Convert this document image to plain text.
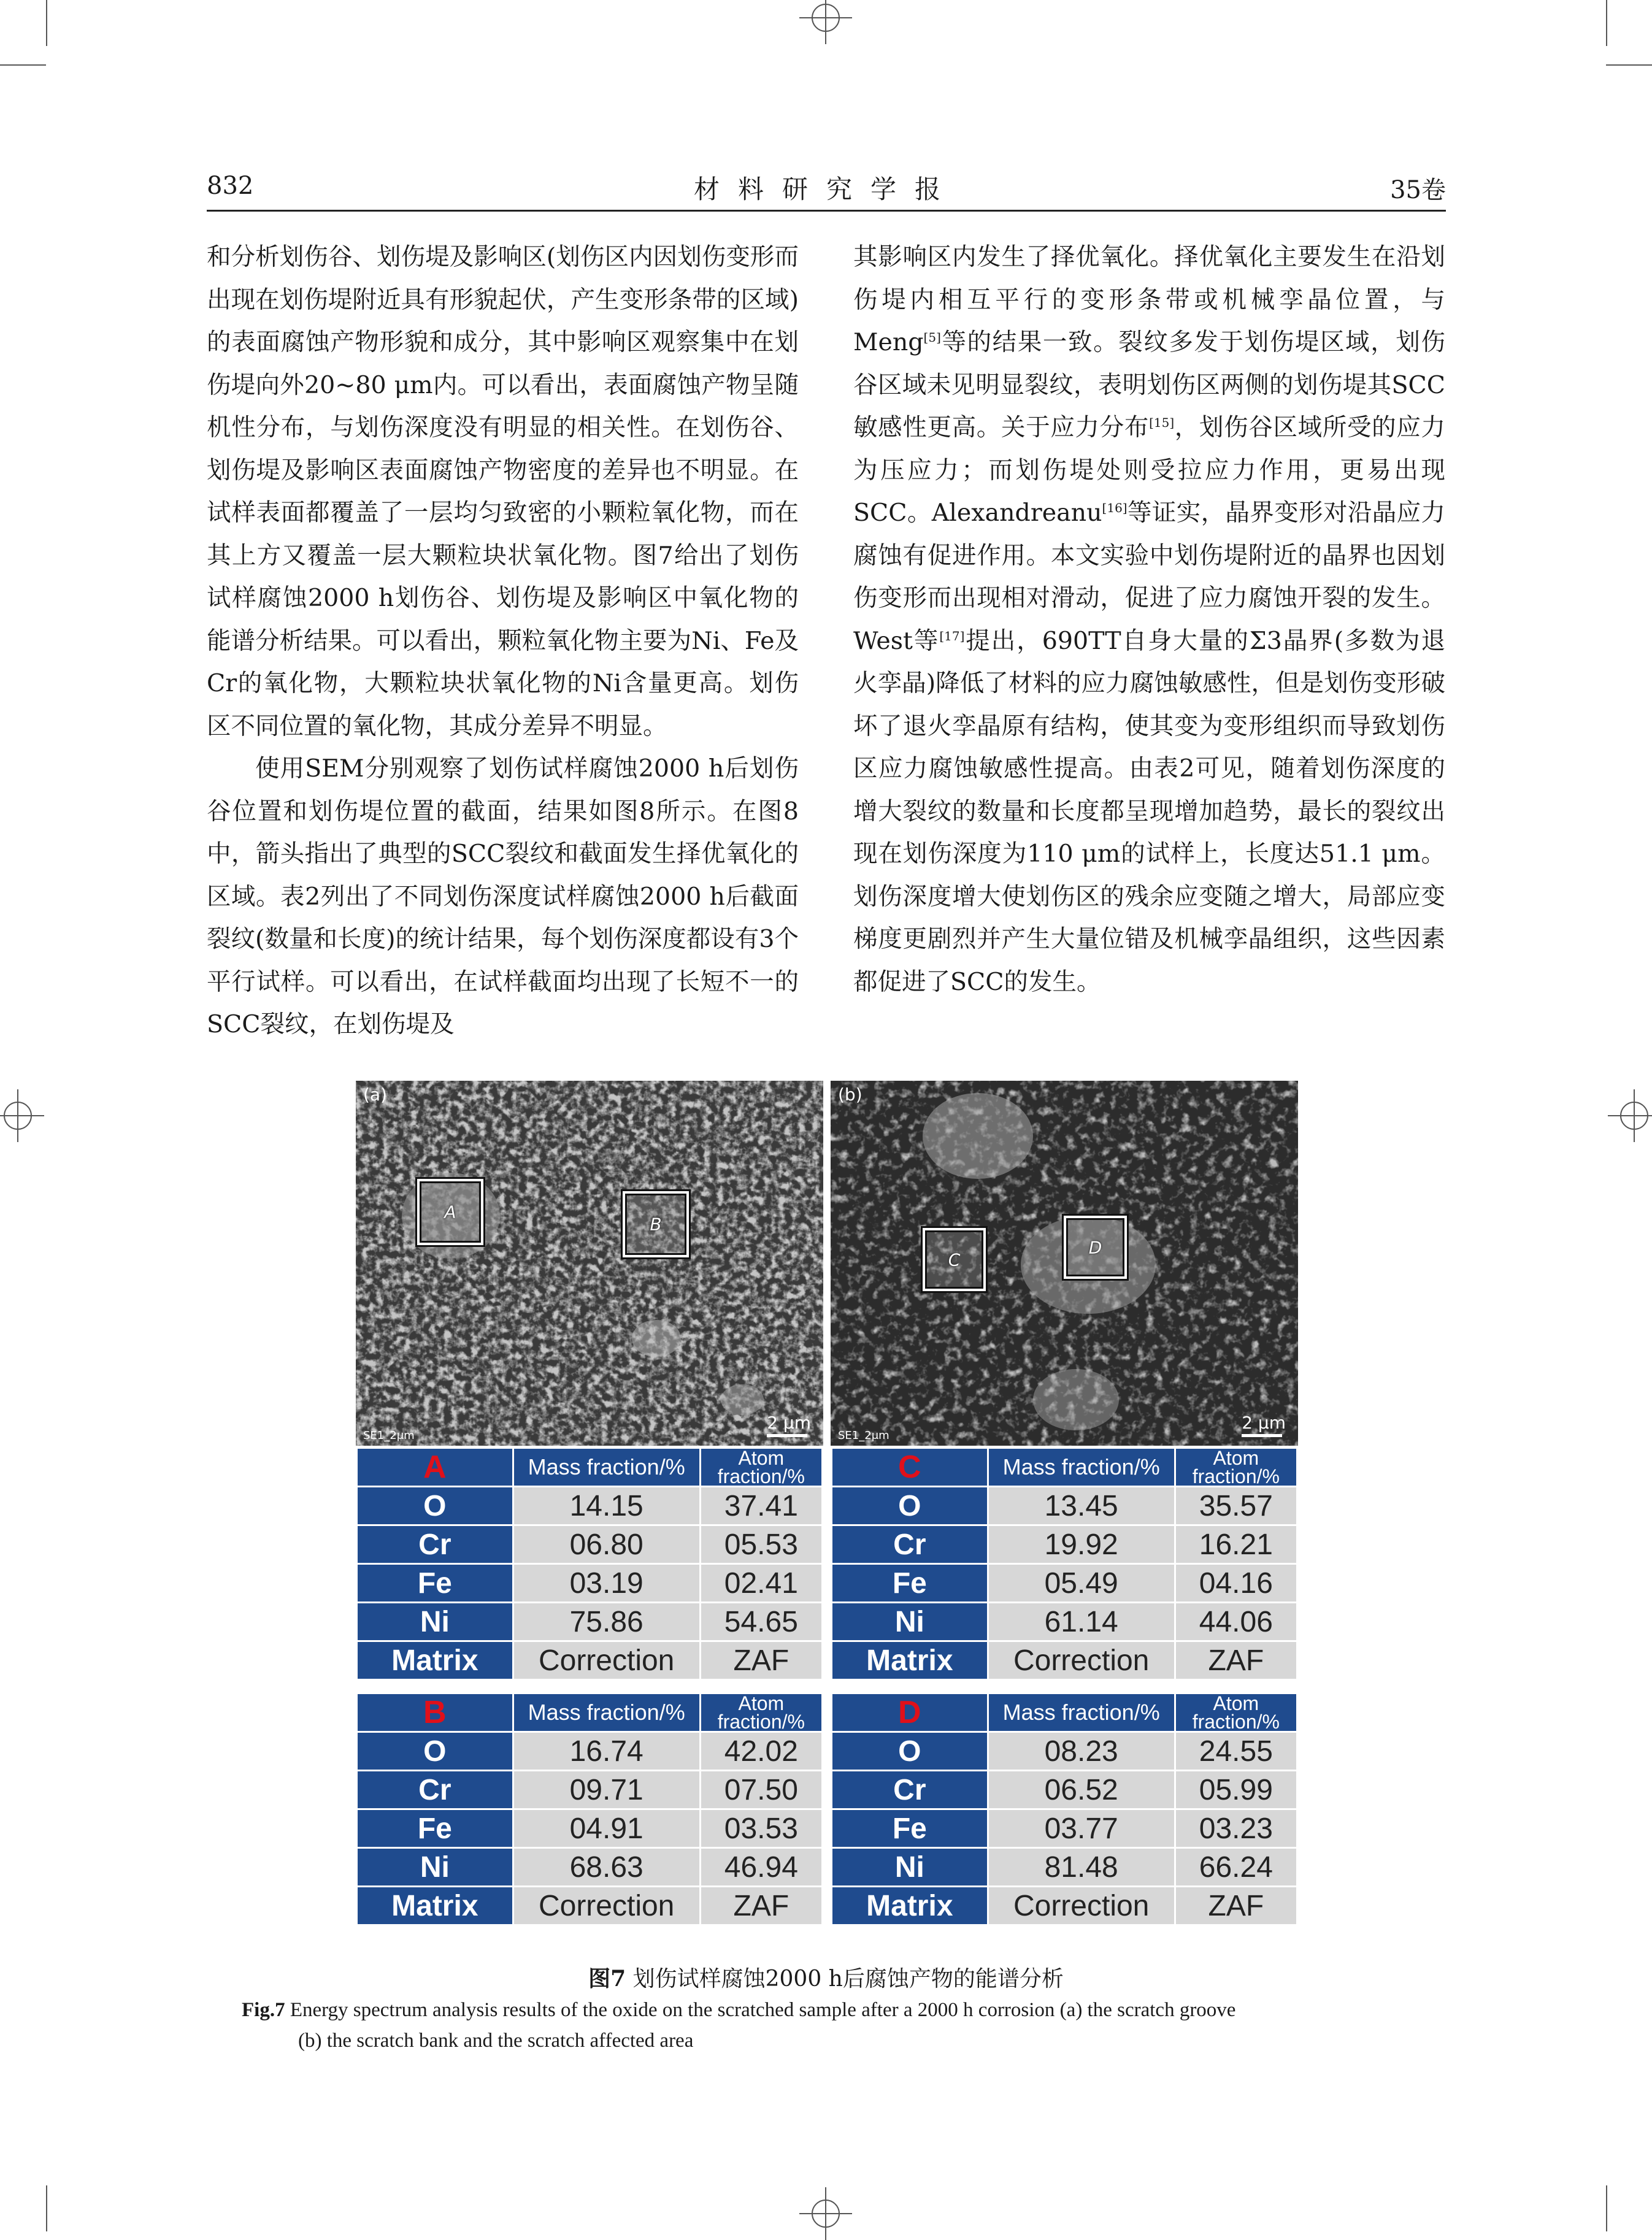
832	材料研究学报	35卷

和分析划伤谷、划伤堤及影响区(划伤区内因划伤变形而出现在划伤堤附近具有形貌起伏，产生变形条带的区域)的表面腐蚀产物形貌和成分，其中影响区观察集中在划伤堤向外20~80 μm内。可以看出，表面腐蚀产物呈随机性分布，与划伤深度没有明显的相关性。在划伤谷、划伤堤及影响区表面腐蚀产物密度的差异也不明显。在试样表面都覆盖了一层均匀致密的小颗粒氧化物，而在其上方又覆盖一层大颗粒块状氧化物。图7给出了划伤试样腐蚀2000 h划伤谷、划伤堤及影响区中氧化物的能谱分析结果。可以看出，颗粒氧化物主要为Ni、Fe及Cr的氧化物，大颗粒块状氧化物的Ni含量更高。划伤区不同位置的氧化物，其成分差异不明显。

使用SEM分别观察了划伤试样腐蚀2000 h后划伤谷位置和划伤堤位置的截面，结果如图8所示。在图8中，箭头指出了典型的SCC裂纹和截面发生择优氧化的区域。表2列出了不同划伤深度试样腐蚀2000 h后截面裂纹(数量和长度)的统计结果，每个划伤深度都设有3个平行试样。可以看出，在试样截面均出现了长短不一的SCC裂纹，在划伤堤及

其影响区内发生了择优氧化。择优氧化主要发生在沿划伤堤内相互平行的变形条带或机械孪晶位置，与Meng[5]等的结果一致。裂纹多发于划伤堤区域，划伤谷区域未见明显裂纹，表明划伤区两侧的划伤堤其SCC敏感性更高。关于应力分布[15]，划伤谷区域所受的应力为压应力；而划伤堤处则受拉应力作用，更易出现SCC。Alexandreanu[16]等证实，晶界变形对沿晶应力腐蚀有促进作用。本文实验中划伤堤附近的晶界也因划伤变形而出现相对滑动，促进了应力腐蚀开裂的发生。West等[17]提出，690TT自身大量的Σ3晶界(多数为退火孪晶)降低了材料的应力腐蚀敏感性，但是划伤变形破坏了退火孪晶原有结构，使其变为变形组织而导致划伤区应力腐蚀敏感性提高。由表2可见，随着划伤深度的增大裂纹的数量和长度都呈现增加趋势，最长的裂纹出现在划伤深度为110 μm的试样上，长度达51.1 μm。划伤深度增大使划伤区的残余应变随之增大，局部应变梯度更剧烈并产生大量位错及机械孪晶组织，这些因素都促进了SCC的发生。

(a)
A
B
SE1_2μm
2 μm
(b)
C
D
SE1_2μm
2 μm
A	Mass fraction/%	Atom
fraction/%
O	14.15	37.41
Cr	06.80	05.53
Fe	03.19	02.41
Ni	75.86	54.65
Matrix	Correction	ZAF
C	Mass fraction/%	Atom
fraction/%
O	13.45	35.57
Cr	19.92	16.21
Fe	05.49	04.16
Ni	61.14	44.06
Matrix	Correction	ZAF
B	Mass fraction/%	Atom
fraction/%
O	16.74	42.02
Cr	09.71	07.50
Fe	04.91	03.53
Ni	68.63	46.94
Matrix	Correction	ZAF
D	Mass fraction/%	Atom
fraction/%
O	08.23	24.55
Cr	06.52	05.99
Fe	03.77	03.23
Ni	81.48	66.24
Matrix	Correction	ZAF
图7 划伤试样腐蚀2000 h后腐蚀产物的能谱分析
Fig.7 Energy spectrum analysis results of the oxide on the scratched sample after a 2000 h corrosion (a) the scratch groove
(b) the scratch bank and the scratch affected area
